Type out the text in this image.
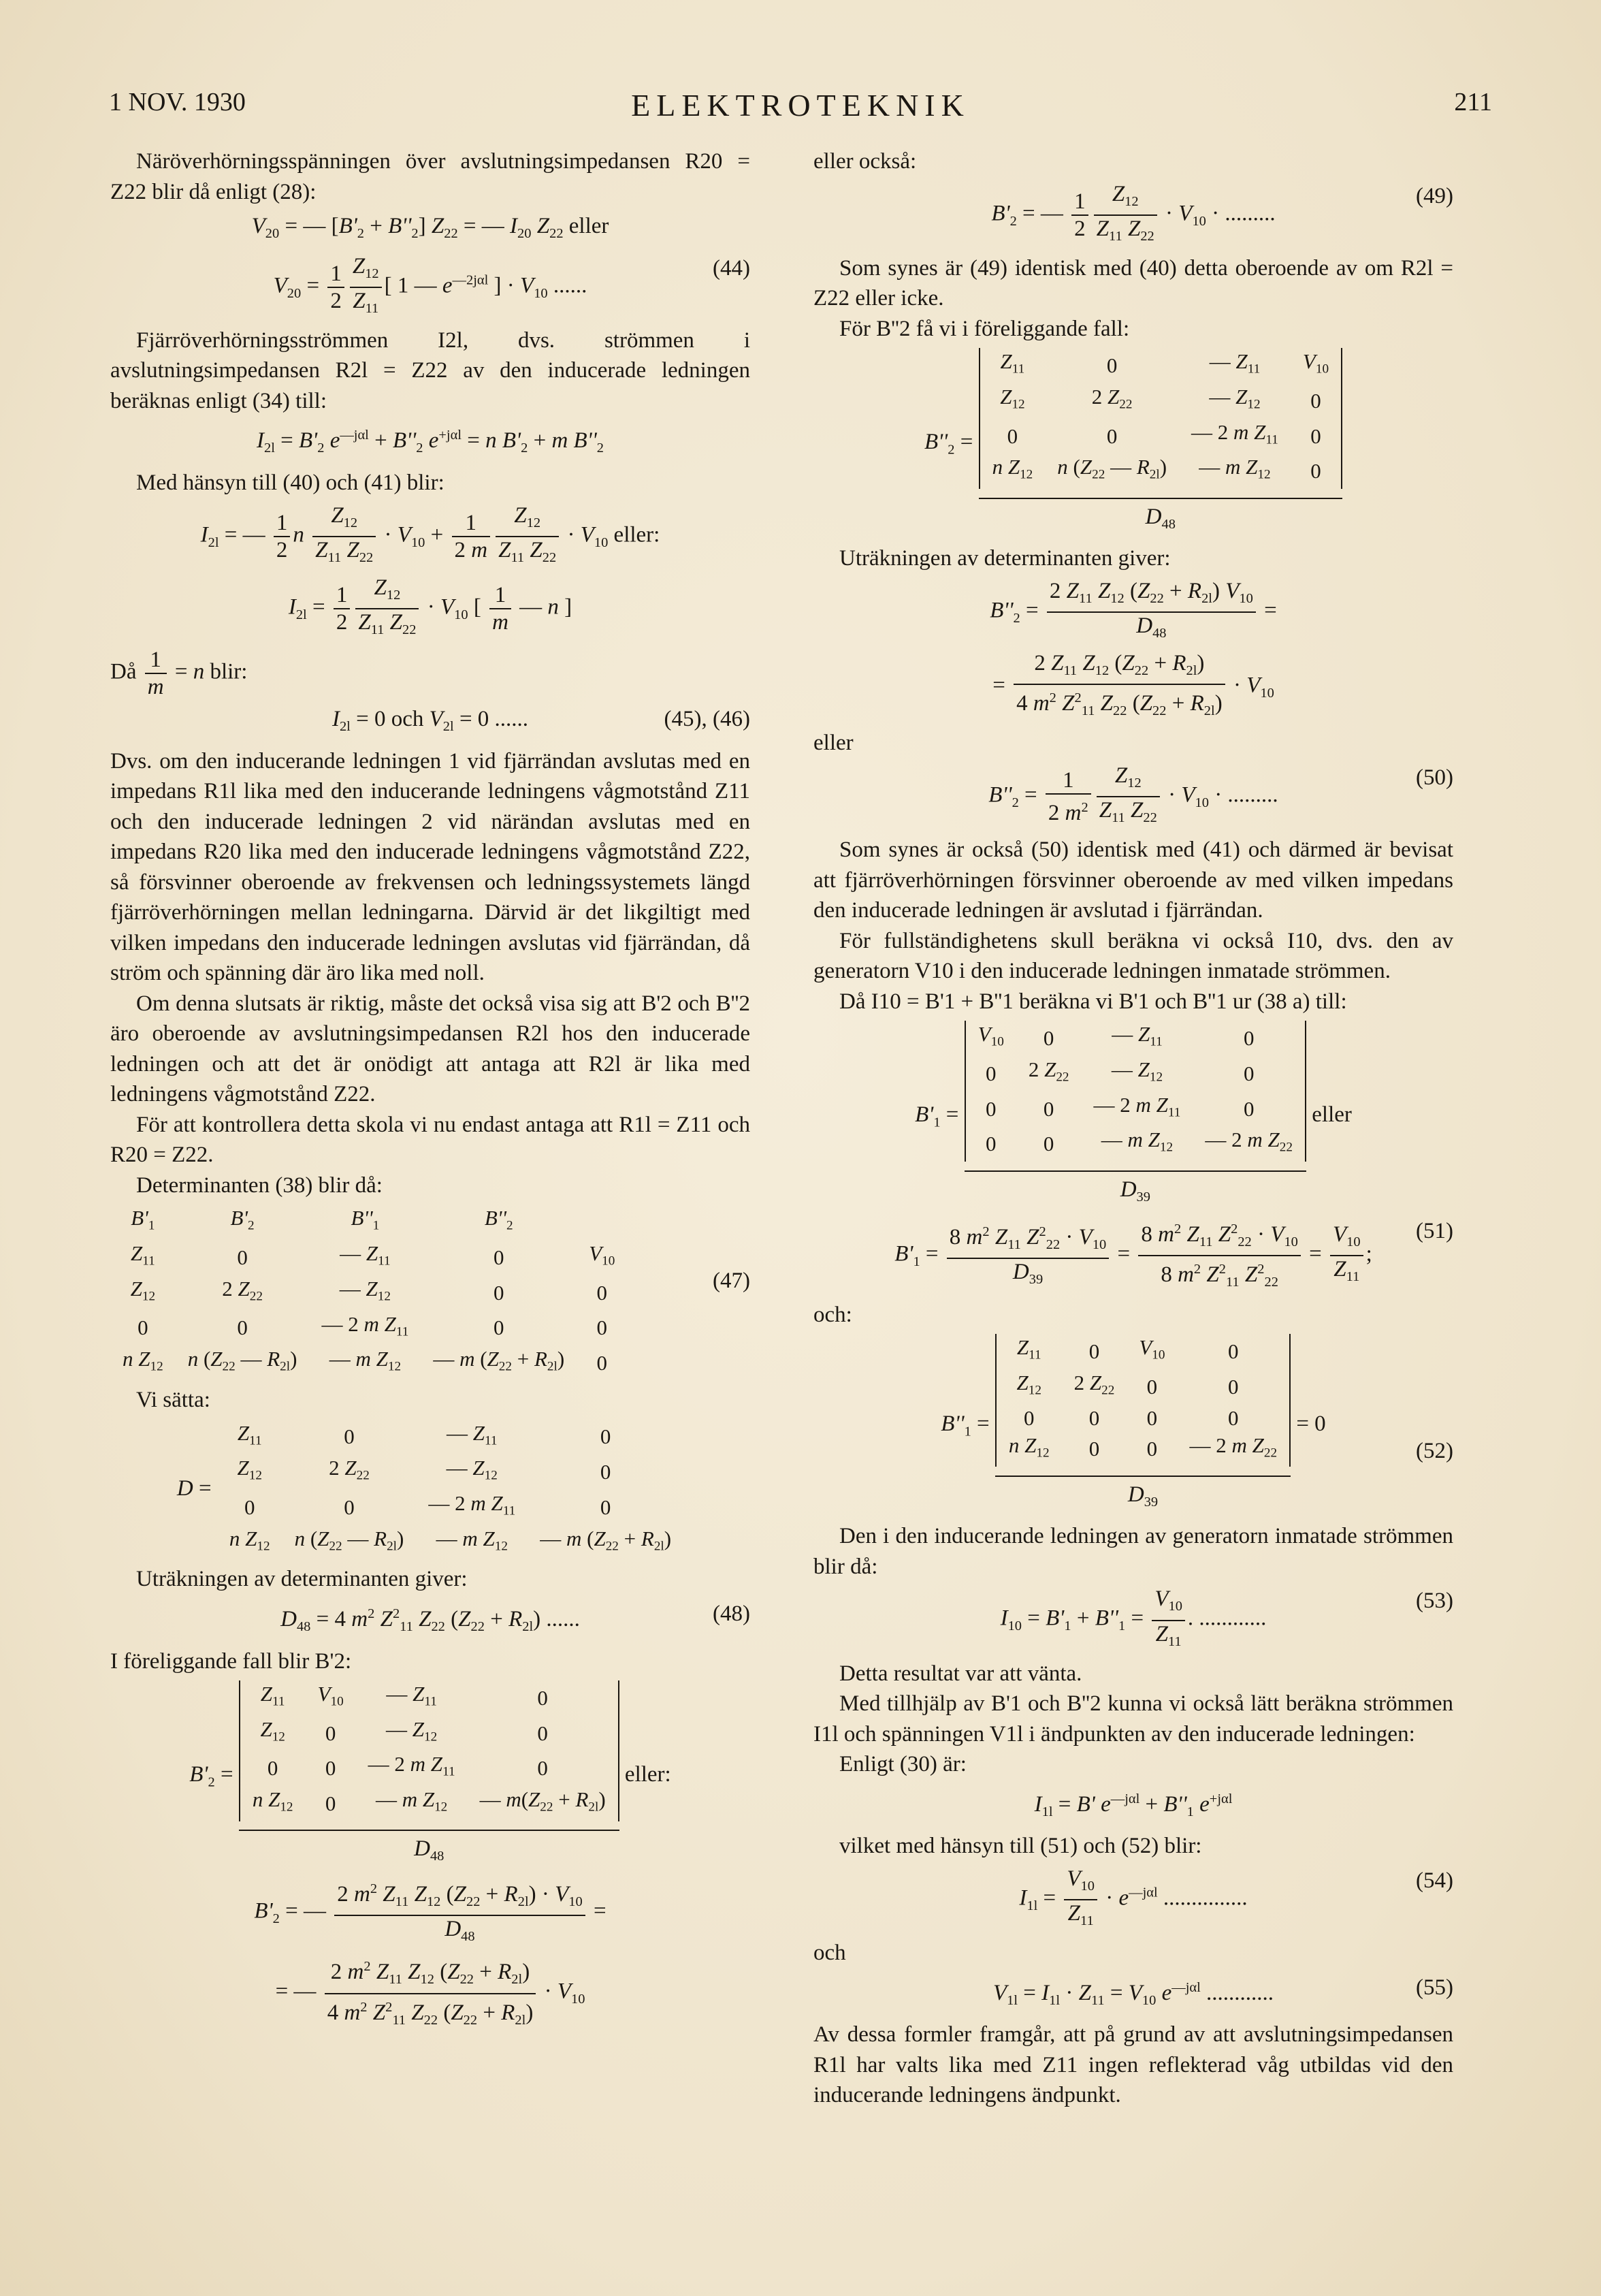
1 NOV. 1930	ELEKTROTEKNIK	211

Näröverhörningsspänningen över avslutningsimpedansen R20 = Z22 blir då enligt (28):

$V_{20}$ = — $[B'_2 + B''_2] Z_{22}$ = — $I_{20}$ $Z_{22}$ eller
$V_{20} = \frac{1}{2} \frac{Z_{12}}{Z_{11}}$ [ 1 — $e^{—2j\alpha l}$ ] · $V_{10}$ ......
(44)

Fjärröverhörningsströmmen I2l, dvs. strömmen i avslutningsimpedansen R2l = Z22 av den inducerade ledningen beräknas enligt (34) till:

$I_{2l} = B'_2$ $e^{—j\alpha l} + B''_2$ $e^{+j\alpha l} = n$ $B'_2 + m$ $B''_2$

Med hänsyn till (40) och (41) blir:

$I_{2l}$ = — $\frac{1}{2}$ n $\frac{Z_{12}}{Z_{11} Z_{22}} \cdot V_{10} + \frac{1}{2 m} \frac{Z_{12}}{Z_{11} Z_{22}} \cdot V_{10}$ eller:
$I_{2l} = \frac{1}{2} \frac{Z_{12}}{Z_{11} Z_{22}} \cdot V_{10}$ [ $\frac{1}{m}$ — n ]
Då $\frac{1}{m} = n$ blir:
$I_{2l} = 0$ och $V_{2l} = 0$ ......	(45), (46)

Dvs. om den inducerande ledningen 1 vid fjärrändan avslutas med en impedans R1l lika med den inducerande ledningens vågmotstånd Z11 och den inducerade ledningen 2 vid närändan avslutas med en impedans R20 lika med den inducerade ledningens vågmotstånd Z22, så försvinner oberoende av frekvensen och ledningssystemets längd fjärröverhörningen mellan ledningarna. Därvid är det likgiltigt med vilken impedans den inducerade ledningen avslutas vid fjärrändan, då ström och spänning där äro lika med noll.

Om denna slutsats är riktig, måste det också visa sig att B'2 och B''2 äro oberoende av avslutningsimpedansen R2l hos den inducerade ledningen och att det är onödigt att antaga att R2l är lika med ledningens vågmotstånd Z22.

För att kontrollera detta skola vi nu endast antaga att R1l = Z11 och R20 = Z22.

Determinanten (38) blir då:

$B'_1$	$B'_2$	$B''_1$	$B''_2$	
$Z_{11}$	0	— $Z_{11}$	0	$V_{10}$
$Z_{12}$	2 $Z_{22}$	— $Z_{12}$	0	0
0	0	— 2 m $Z_{11}$	0	0
n $Z_{12}$	n ($Z_{22}$ — $R_{2l}$)	— m $Z_{12}$	— m $(Z_{22} + R_{2l})$	0
(47)

Vi sätta:

D =
$Z_{11}$	0	— $Z_{11}$	0
$Z_{12}$	2 $Z_{22}$	— $Z_{12}$	0
0	0	— 2 m $Z_{11}$	0
n $Z_{12}$	n ($Z_{22}$ — $R_{2l}$)	— m $Z_{12}$	— m $(Z_{22} + R_{2l})$

Uträkningen av determinanten giver:

$D_{48} = 4$ $m^2$ $Z^2_{11}$ $Z_{22}$ $(Z_{22} + R_{2l})$ ......	(48)

I föreliggande fall blir B'2:

$B'_2$ =
$Z_{11}$	$V_{10}$	— $Z_{11}$	0
$Z_{12}$	0	— $Z_{12}$	0
0	0	— 2 m $Z_{11}$	0
n $Z_{12}$	0	— m $Z_{12}$	— $m(Z_{22} + R_{2l})$
$D_{48}$
eller:
$B'_2$ = — $\frac{2 m^2 Z_{11} Z_{12} (Z_{22} + R_{2l}) \cdot V_{10}}{D_{48}}$ =
= — $\frac{2 m^2 Z_{11} Z_{12} (Z_{22} + R_{2l})}{4 m^2 Z^2_{11} Z_{22} (Z_{22} + R_{2l})} \cdot V_{10}$

eller också:

$B'_2$ = — $\frac{1}{2} \frac{Z_{12}}{Z_{11} Z_{22}} \cdot V_{10}$ · .........
(49)

Som synes är (49) identisk med (40) detta oberoende av om R2l = Z22 eller icke.

För B''2 få vi i föreliggande fall:

$B''_2$ =
$Z_{11}$	0	— $Z_{11}$	$V_{10}$
$Z_{12}$	2 $Z_{22}$	— $Z_{12}$	0
0	0	— 2 m $Z_{11}$	0
n $Z_{12}$	n ($Z_{22}$ — $R_{2l}$)	— m $Z_{12}$	0
$D_{48}$

Uträkningen av determinanten giver:

$B''_2 = \frac{2 Z_{11} Z_{12} (Z_{22} + R_{2l}) V_{10}}{D_{48}}$ =
= $\frac{2 Z_{11} Z_{12} (Z_{22} + R_{2l})}{4 m^2 Z^2_{11} Z_{22} (Z_{22} + R_{2l})} \cdot V_{10}$

eller

$B''_2 = \frac{1}{2 m^2} \frac{Z_{12}}{Z_{11} Z_{22}} \cdot V_{10}$ · .........
(50)

Som synes är också (50) identisk med (41) och därmed är bevisat att fjärröverhörningen försvinner oberoende av med vilken impedans den inducerade ledningen är avslutad i fjärrändan.

För fullständighetens skull beräkna vi också I10, dvs. den av generatorn V10 i den inducerade ledningen inmatade strömmen.

Då I10 = B'1 + B''1 beräkna vi B'1 och B''1 ur (38 a) till:

$B'_1$ =
$V_{10}$	0	— $Z_{11}$	0
0	2 $Z_{22}$	— $Z_{12}$	0
0	0	— 2 m $Z_{11}$	0
0	0	— m $Z_{12}$	— 2 m $Z_{22}$
$D_{39}$
eller
$B'_1 = \frac{8 m^2 Z_{11} Z^2_{22} \cdot V_{10}}{D_{39}} = \frac{8 m^2 Z_{11} Z^2_{22} \cdot V_{10}}{8 m^2 Z^2_{11} Z^2_{22}} = \frac{V_{10}}{Z_{11}}$ ;
(51)

och:

$B''_1 = Z_{11}$	0	$V_{10}$	0
$Z_{12}$	2 $Z_{22}$	0	0
0	0	0	0
n $Z_{12}$	0	0	— 2 m $Z_{22}$
$D_{39} = 0$
(52)

Den i den inducerande ledningen av generatorn inmatade strömmen blir då:

$I_{10} = B'_1 + B''_1 = \frac{V_{10}}{Z_{11}}$ . ............
(53)

Detta resultat var att vänta.

Med tillhjälp av B'1 och B''2 kunna vi också lätt beräkna strömmen I1l och spänningen V1l i ändpunkten av den inducerade ledningen:

Enligt (30) är:

$I_{1l} = B'$ $e^{—j\alpha l} + B''_1$ $e^{+j\alpha l}$

vilket med hänsyn till (51) och (52) blir:

$I_{1l} = \frac{V_{10}}{Z_{11}} \cdot e^{—j\alpha l}$ ...............
(54)

och

$V_{1l} = I_{1l} \cdot Z_{11} = V_{10}$ $e^{—j\alpha l}$ ............	(55)

Av dessa formler framgår, att på grund av att avslutningsimpedansen R1l har valts lika med Z11 ingen reflekterad våg utbildas vid den inducerande ledningens ändpunkt.
